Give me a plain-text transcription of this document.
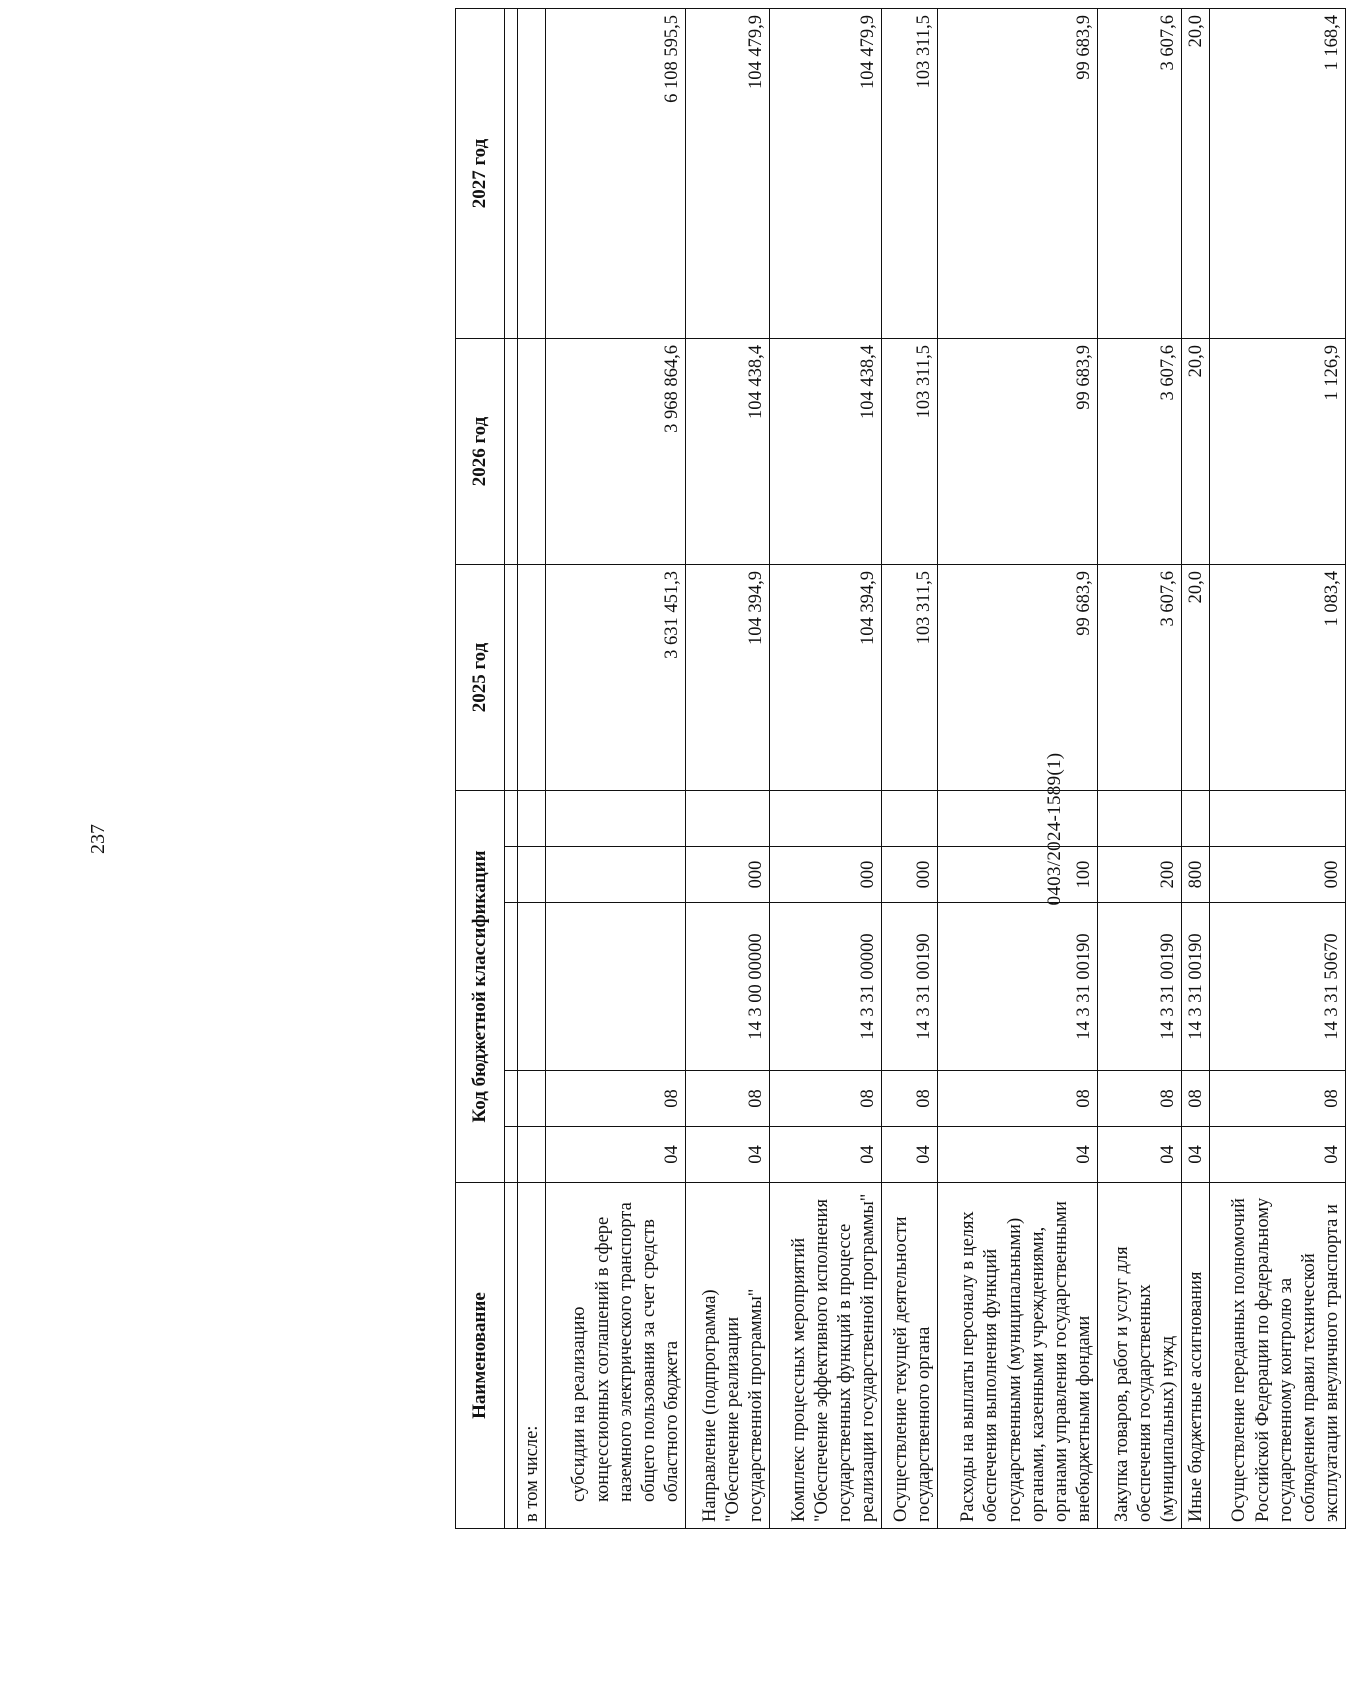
237	0403/2024-1589(1)
Наименование	Код бюджетной классификации					2025 год	2026 год	2027 год

в том числе:								
субсидии на реализацию концессионных соглашений в сфере наземного электрического транспорта общего пользования за счет средств областного бюджета	04	08				3 631 451,3	3 968 864,6	6 108 595,5
Направление (подпрограмма) "Обеспечение реализации государственной программы"	04	08	14 3 00 00000	000		104 394,9	104 438,4	104 479,9
Комплекс процессных мероприятий "Обеспечение эффективного исполнения государственных функций в процессе реализации государственной программы"	04	08	14 3 31 00000	000		104 394,9	104 438,4	104 479,9
Осуществление текущей деятельности государственного органа	04	08	14 3 31 00190	000		103 311,5	103 311,5	103 311,5
Расходы на выплаты персоналу в целях обеспечения выполнения функций государственными (муниципальными) органами, казенными учреждениями, органами управления государственными внебюджетными фондами	04	08	14 3 31 00190	100		99 683,9	99 683,9	99 683,9
Закупка товаров, работ и услуг для обеспечения государственных (муниципальных) нужд	04	08	14 3 31 00190	200		3 607,6	3 607,6	3 607,6
Иные бюджетные ассигнования	04	08	14 3 31 00190	800		20,0	20,0	20,0
Осуществление переданных полномочий Российской Федерации по федеральному государственному контролю за соблюдением правил технической эксплуатации внеуличного транспорта и	04	08	14 3 31 50670	000		1 083,4	1 126,9	1 168,4
